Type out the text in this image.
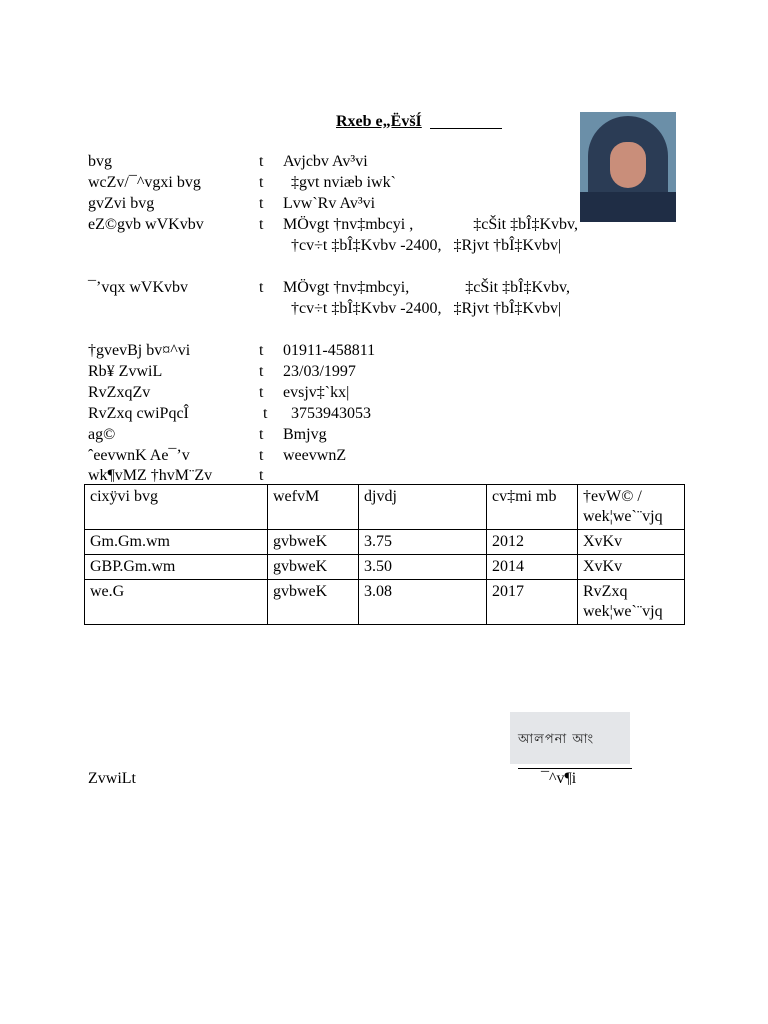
Rxeb e„ËvšÍ
bvg	t Avjcbv Av³vi
wcZv/¯^vgxi bvg	t ‡gvt nviæb iwk`
gvZvi bvg	t Lvw`Rv Av³vi
eZ©gvb wVKvbv	t MÖvgt †nv‡mbcyi ,               ‡cŠit ‡bÎ‡Kvbv,
†cv÷t ‡bÎ‡Kvbv -2400,   ‡Rjvt †bÎ‡Kvbv|
¯’vqx wVKvbv	t MÖvgt †nv‡mbcyi,              ‡cŠit ‡bÎ‡Kvbv,
†cv÷t ‡bÎ‡Kvbv -2400,   ‡Rjvt †bÎ‡Kvbv|
†gvevBj bv¤^vi	t 01911-458811
Rb¥ ZvwiL	t 23/03/1997
RvZxqZv	t evsjv‡`kx|
RvZxq cwiPqcÎ	t 3753943053
ag©	t Bmjvg
ˆeevwnK Ae¯’v	t weevwnZ
wk¶vMZ †hvM¨Zv	t
cixÿvi bvg	wefvM	djvdj	cv‡mi mb	†evW© /
wek¦we`¨vjq
Gm.Gm.wm	gvbweK	3.75	2012	XvKv
GBP.Gm.wm	gvbweK	3.50	2014	XvKv
we.G	gvbweK	3.08	2017	RvZxq
wek¦we`¨vjq
আলপনা আং
ZvwiLt	¯^v¶i
